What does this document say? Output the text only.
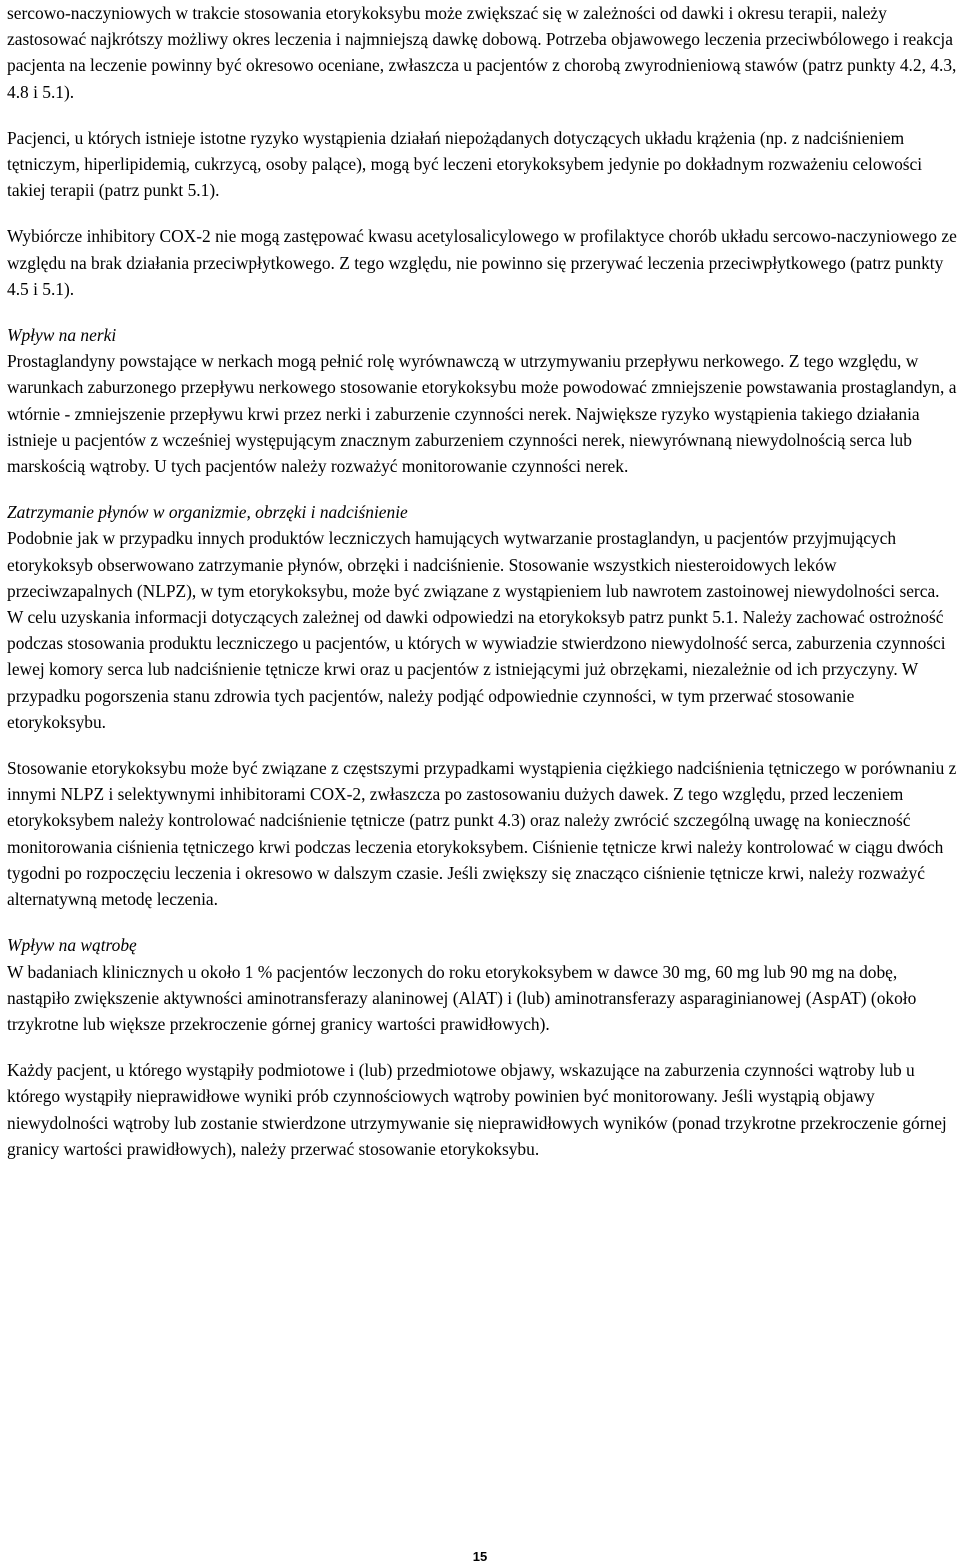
sercowo-naczyniowych w trakcie stosowania etorykoksybu może zwiększać się w zależności od dawki i okresu terapii, należy zastosować najkrótszy możliwy okres leczenia i najmniejszą dawkę dobową. Potrzeba objawowego leczenia przeciwbólowego i reakcja pacjenta na leczenie powinny być okresowo oceniane, zwłaszcza u pacjentów z chorobą zwyrodnieniową stawów (patrz punkty 4.2, 4.3, 4.8 i 5.1).

Pacjenci, u których istnieje istotne ryzyko wystąpienia działań niepożądanych dotyczących układu krążenia (np. z nadciśnieniem tętniczym, hiperlipidemią, cukrzycą, osoby palące), mogą być leczeni etorykoksybem jedynie po dokładnym rozważeniu celowości takiej terapii (patrz punkt 5.1).

Wybiórcze inhibitory COX-2 nie mogą zastępować kwasu acetylosalicylowego w profilaktyce chorób układu sercowo-naczyniowego ze względu na brak działania przeciwpłytkowego. Z tego względu, nie powinno się przerywać leczenia przeciwpłytkowego (patrz punkty 4.5 i 5.1).

Wpływ na nerki

Prostaglandyny powstające w nerkach mogą pełnić rolę wyrównawczą w utrzymywaniu przepływu nerkowego. Z tego względu, w warunkach zaburzonego przepływu nerkowego stosowanie etorykoksybu może powodować zmniejszenie powstawania prostaglandyn, a wtórnie - zmniejszenie przepływu krwi przez nerki i zaburzenie czynności nerek. Największe ryzyko wystąpienia takiego działania istnieje u pacjentów z wcześniej występującym znacznym zaburzeniem czynności nerek, niewyrównaną niewydolnością serca lub marskością wątroby. U tych pacjentów należy rozważyć monitorowanie czynności nerek.

Zatrzymanie płynów w organizmie, obrzęki i nadciśnienie

Podobnie jak w przypadku innych produktów leczniczych hamujących wytwarzanie prostaglandyn, u pacjentów przyjmujących etorykoksyb obserwowano zatrzymanie płynów, obrzęki i nadciśnienie. Stosowanie wszystkich niesteroidowych leków przeciwzapalnych (NLPZ), w tym etorykoksybu, może być związane z wystąpieniem lub nawrotem zastoinowej niewydolności serca. W celu uzyskania informacji dotyczących zależnej od dawki odpowiedzi na etorykoksyb patrz punkt 5.1. Należy zachować ostrożność podczas stosowania produktu leczniczego u pacjentów, u których w wywiadzie stwierdzono niewydolność serca, zaburzenia czynności lewej komory serca lub nadciśnienie tętnicze krwi oraz u pacjentów z istniejącymi już obrzękami, niezależnie od ich przyczyny. W przypadku pogorszenia stanu zdrowia tych pacjentów, należy podjąć odpowiednie czynności, w tym przerwać stosowanie etorykoksybu.

Stosowanie etorykoksybu może być związane z częstszymi przypadkami wystąpienia ciężkiego nadciśnienia tętniczego w porównaniu z innymi NLPZ i selektywnymi inhibitorami COX-2, zwłaszcza po zastosowaniu dużych dawek. Z tego względu, przed leczeniem etorykoksybem należy kontrolować nadciśnienie tętnicze (patrz punkt 4.3) oraz należy zwrócić szczególną uwagę na konieczność monitorowania ciśnienia tętniczego krwi podczas leczenia etorykoksybem. Ciśnienie tętnicze krwi należy kontrolować w ciągu dwóch tygodni po rozpoczęciu leczenia i okresowo w dalszym czasie. Jeśli zwiększy się znacząco ciśnienie tętnicze krwi, należy rozważyć alternatywną metodę leczenia.

Wpływ na wątrobę

W badaniach klinicznych u około 1 % pacjentów leczonych do roku etorykoksybem w dawce 30 mg, 60 mg lub 90 mg na dobę, nastąpiło zwiększenie aktywności aminotransferazy alaninowej (AlAT) i (lub) aminotransferazy asparaginianowej (AspAT) (około trzykrotne lub większe przekroczenie górnej granicy wartości prawidłowych).

Każdy pacjent, u którego wystąpiły podmiotowe i (lub) przedmiotowe objawy, wskazujące na zaburzenia czynności wątroby lub u którego wystąpiły nieprawidłowe wyniki prób czynnościowych wątroby powinien być monitorowany. Jeśli wystąpią objawy niewydolności wątroby lub zostanie stwierdzone utrzymywanie się nieprawidłowych wyników (ponad trzykrotne przekroczenie górnej granicy wartości prawidłowych), należy przerwać stosowanie etorykoksybu.

15
